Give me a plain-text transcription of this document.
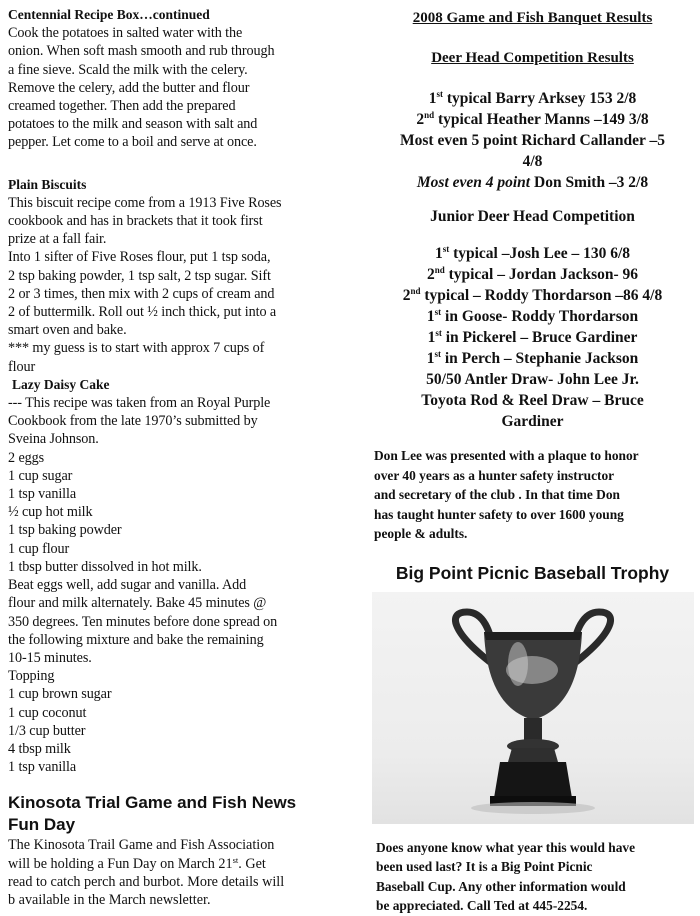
Centennial Recipe Box…continued

Cook the potatoes in salted water with the

onion. When soft mash smooth and rub through

a fine sieve. Scald the milk with the celery.

Remove the celery, add the butter and flour

creamed together. Then add the prepared

potatoes to the milk and season with salt and

pepper. Let come to a boil and serve at once.

Plain Biscuits

This biscuit recipe come from a 1913 Five Roses

cookbook and has in brackets that it took first

prize at a fall fair.

Into 1 sifter of Five Roses flour, put 1 tsp soda,

2 tsp baking powder, 1 tsp salt, 2 tsp sugar. Sift

2 or 3 times, then mix with 2 cups of cream and

2 of buttermilk. Roll out ½ inch thick, put into a

smart oven and bake.

*** my guess is to start with approx 7 cups of

flour

Lazy Daisy Cake

--- This recipe was taken from an Royal Purple

Cookbook from the late 1970’s submitted by

Sveina Johnson.

2 eggs

1 cup sugar

1 tsp vanilla

½ cup hot milk

1 tsp baking powder

1 cup flour

1 tbsp butter dissolved in hot milk.

Beat eggs well, add sugar and vanilla. Add

flour and milk alternately. Bake 45 minutes @

350 degrees. Ten minutes before done spread on

the following mixture and bake the remaining

10-15 minutes.

Topping

1 cup brown sugar

1 cup coconut

1/3 cup butter

4 tbsp milk

1 tsp vanilla

Kinosota Trial Game and Fish News

Fun Day

The Kinosota Trail Game and Fish Association

will be holding a Fun Day on March 21st. Get

read to catch perch and burbot. More details will

b available in the March newsletter.

2008 Game and Fish Banquet Results

Deer Head Competition Results

1st typical Barry Arksey 153 2/8

2nd typical Heather Manns –149 3/8

Most even 5 point Richard Callander –5

4/8

Most even 4 point Don Smith –3 2/8

Junior Deer Head Competition

1st typical –Josh Lee – 130 6/8

2nd typical – Jordan Jackson- 96

2nd typical – Roddy Thordarson –86 4/8

1st in Goose- Roddy Thordarson

1st in Pickerel – Bruce Gardiner

1st in Perch – Stephanie Jackson

50/50 Antler Draw- John Lee Jr.

Toyota Rod & Reel Draw – Bruce

Gardiner

Don Lee was presented with a plaque to honor

over 40 years as a hunter safety instructor

and secretary of the club . In that time Don

has taught hunter safety to over 1600 young

people & adults.

Big Point Picnic Baseball Trophy

Does anyone know what year this would have

been used last? It is a Big Point Picnic

Baseball Cup. Any other information would

be appreciated. Call Ted at 445-2254.
